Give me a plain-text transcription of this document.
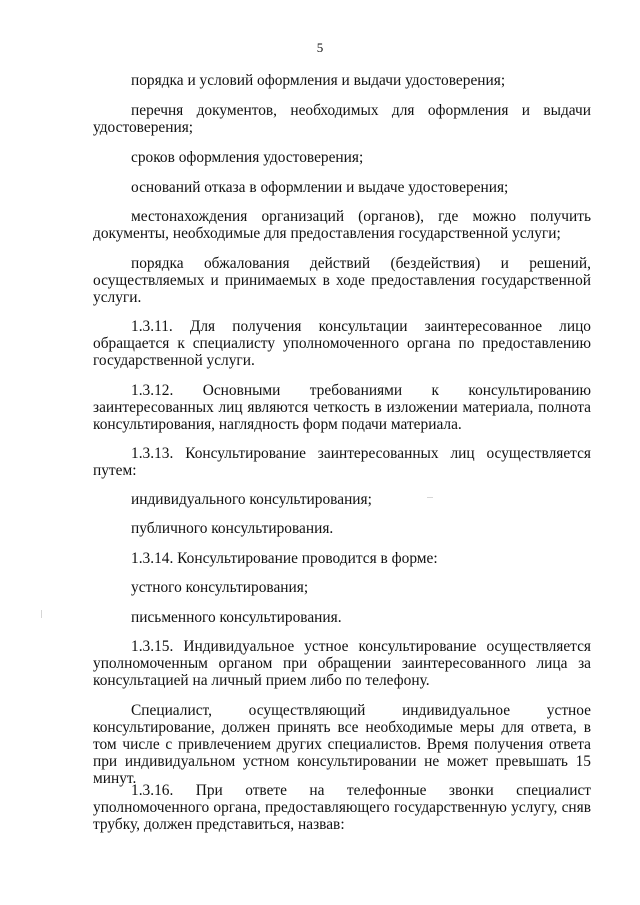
5

порядка и условий оформления и выдачи удостоверения;

перечня документов, необходимых для оформления и выдачи удостоверения;

сроков оформления удостоверения;

оснований отказа в оформлении и выдаче удостоверения;

местонахождения организаций (органов), где можно получить документы, необходимые для предоставления государственной услуги;

порядка обжалования действий (бездействия) и решений, осуществляемых и принимаемых в ходе предоставления государственной услуги.

1.3.11. Для получения консультации заинтересованное лицо обращается к специалисту уполномоченного органа по предоставлению государственной услуги.

1.3.12. Основными требованиями к консультированию заинтересованных лиц являются четкость в изложении материала, полнота консультирования, наглядность форм подачи материала.

1.3.13. Консультирование заинтересованных лиц осуществляется путем:

индивидуального консультирования;

публичного консультирования.

1.3.14. Консультирование проводится в форме:

устного консультирования;

письменного консультирования.

1.3.15. Индивидуальное устное консультирование осуществляется уполномоченным органом при обращении заинтересованного лица за консультацией на личный прием либо по телефону.

Специалист, осуществляющий индивидуальное устное консультирование, должен принять все необходимые меры для ответа, в том числе с привлечением других специалистов. Время получения ответа при индивидуальном устном консультировании не может превышать 15 минут.

1.3.16. При ответе на телефонные звонки специалист уполномоченного органа, предоставляющего государственную услугу, сняв трубку, должен представиться, назвав:
